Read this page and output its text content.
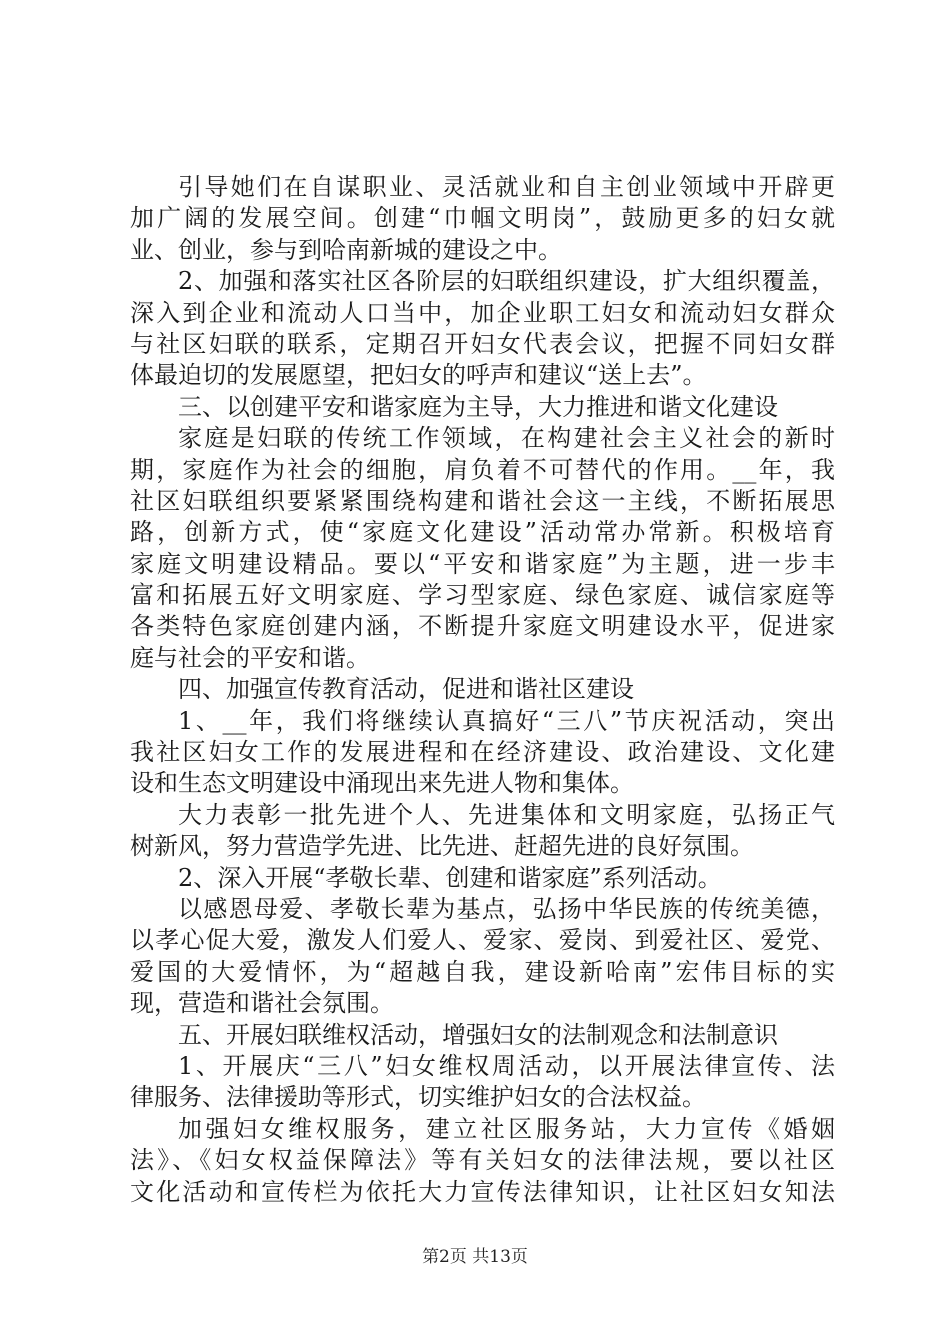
引导她们在自谋职业、灵活就业和自主创业领域中开辟更
加广阔的发展空间。创建“巾帼文明岗”，鼓励更多的妇女就
业、创业，参与到哈南新城的建设之中。
2、加强和落实社区各阶层的妇联组织建设，扩大组织覆盖，
深入到企业和流动人口当中，加企业职工妇女和流动妇女群众
与社区妇联的联系，定期召开妇女代表会议，把握不同妇女群
体最迫切的发展愿望，把妇女的呼声和建议“送上去”。
三、以创建平安和谐家庭为主导，大力推进和谐文化建设
家庭是妇联的传统工作领域，在构建社会主义社会的新时
期，家庭作为社会的细胞，肩负着不可替代的作用。__年，我
社区妇联组织要紧紧围绕构建和谐社会这一主线，不断拓展思
路，创新方式，使“家庭文化建设”活动常办常新。积极培育
家庭文明建设精品。要以“平安和谐家庭”为主题，进一步丰
富和拓展五好文明家庭、学习型家庭、绿色家庭、诚信家庭等
各类特色家庭创建内涵，不断提升家庭文明建设水平，促进家
庭与社会的平安和谐。
四、加强宣传教育活动，促进和谐社区建设
1、__年，我们将继续认真搞好“三八”节庆祝活动，突出
我社区妇女工作的发展进程和在经济建设、政治建设、文化建
设和生态文明建设中涌现出来先进人物和集体。
大力表彰一批先进个人、先进集体和文明家庭，弘扬正气
树新风，努力营造学先进、比先进、赶超先进的良好氛围。
2、深入开展“孝敬长辈、创建和谐家庭”系列活动。
以感恩母爱、孝敬长辈为基点，弘扬中华民族的传统美德，
以孝心促大爱，激发人们爱人、爱家、爱岗、到爱社区、爱党、
爱国的大爱情怀，为“超越自我，建设新哈南”宏伟目标的实
现，营造和谐社会氛围。
五、开展妇联维权活动，增强妇女的法制观念和法制意识
1、开展庆“三八”妇女维权周活动，以开展法律宣传、法
律服务、法律援助等形式，切实维护妇女的合法权益。
加强妇女维权服务，建立社区服务站，大力宣传《婚姻
法》、《妇女权益保障法》等有关妇女的法律法规，要以社区
文化活动和宣传栏为依托大力宣传法律知识，让社区妇女知法
第2页 共13页
